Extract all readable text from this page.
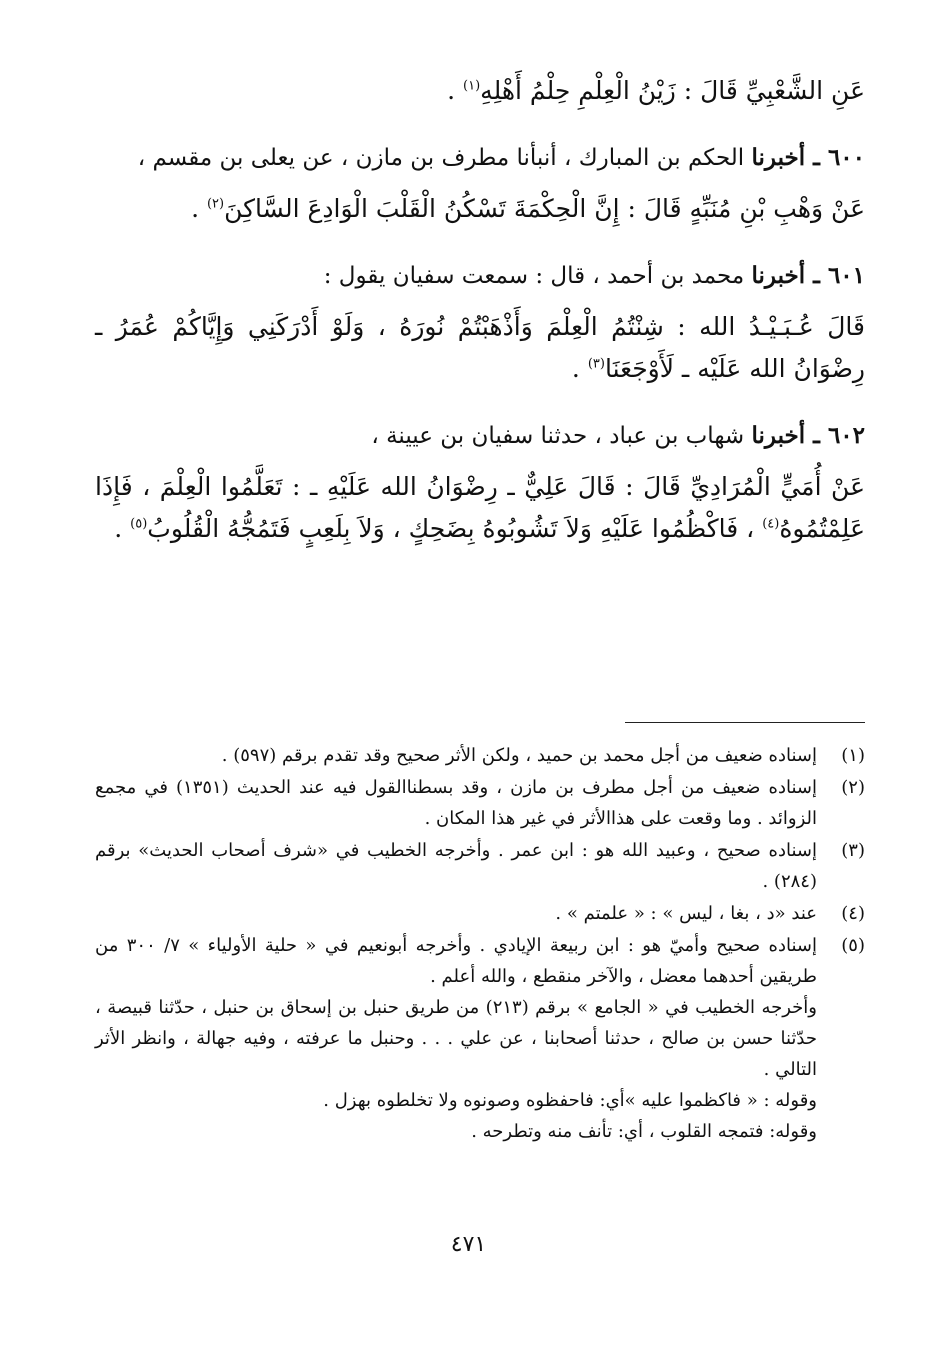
عَنِ الشَّعْبِيِّ قَالَ : زَيْنُ الْعِلْمِ حِلْمُ أَهْلِهِ$^{(١)}$ .
٦٠٠ ـ أخبرنا الحكم بن المبارك ، أنبأنا مطرف بن مازن ، عن يعلى بن مقسم ،
عَنْ وَهْبِ بْنِ مُنَبِّهٍ قَالَ : إِنَّ الْحِكْمَةَ تَسْكُنُ الْقَلْبَ الْوَادِعَ السَّاكِنَ$^{(٢)}$ .
٦٠١ ـ أخبرنا محمد بن أحمد ، قال : سمعت سفيان يقول :
قَالَ عُـبَـيْـدُ الله : شِنْتُمُ الْعِلْمَ وَأَذْهَبْتُمْ نُورَهُ ، وَلَوْ أَدْرَكَنِي وَإِيَّاكُمْ عُمَرُ ـ رِضْوَانُ الله عَلَيْه ـ لَأَوْجَعَنَا$^{(٣)}$ .
٦٠٢ ـ أخبرنا شهاب بن عباد ، حدثنا سفيان بن عيينة ،
عَنْ أُمَيٍّ الْمُرَادِيِّ قَالَ : قَالَ عَلِيٌّ ـ رِضْوَانُ الله عَلَيْهِ ـ : تَعَلَّمُوا الْعِلْمَ ، فَإِذَا عَلِمْتُمُوهُ$^{(٤)}$ ، فَاكْظُمُوا عَلَيْهِ وَلاَ تَشُوبُوهُ بِضَحِكٍ ، وَلاَ بِلَعِبٍ فَتَمُجُّهُ الْقُلُوبُ$^{(٥)}$ .
(١)

إسناده ضعيف من أجل محمد بن حميد ، ولكن الأثر صحيح وقد تقدم برقم (٥٩٧) .

(٢)

إسناده ضعيف من أجل مطرف بن مازن ، وقد بسطناالقول فيه عند الحديث (١٣٥١) في مجمع الزوائد . وما وقعت على هذاالأثر في غير هذا المكان .

(٣)

إسناده صحيح ، وعبيد الله هو : ابن عمر . وأخرجه الخطيب في «شرف أصحاب الحديث» برقم (٢٨٤) .

(٤)

عند «د ، بغا ، ليس » : « علمتم » .

(٥)

إسناده صحيح وأميّ هو : ابن ربيعة الإيادي . وأخرجه أبونعيم في « حلية الأولياء » ٧/ ٣٠٠ من طريقين أحدهما معضل ، والآخر منقطع ، والله أعلم .

وأخرجه الخطيب في « الجامع » برقم (٢١٣) من طريق حنبل بن إسحاق بن حنبل ، حدّثنا قبيصة ، حدّثنا حسن بن صالح ، حدثنا أصحابنا ، عن علي . . . وحنبل ما عرفته ، وفيه جهالة ، وانظر الأثر التالي .

وقوله : « فاكظموا عليه »أي: فاحفظوه وصونوه ولا تخلطوه بهزل .

وقوله: فتمجه القلوب ، أي: تأنف منه وتطرحه .

٤٧١
